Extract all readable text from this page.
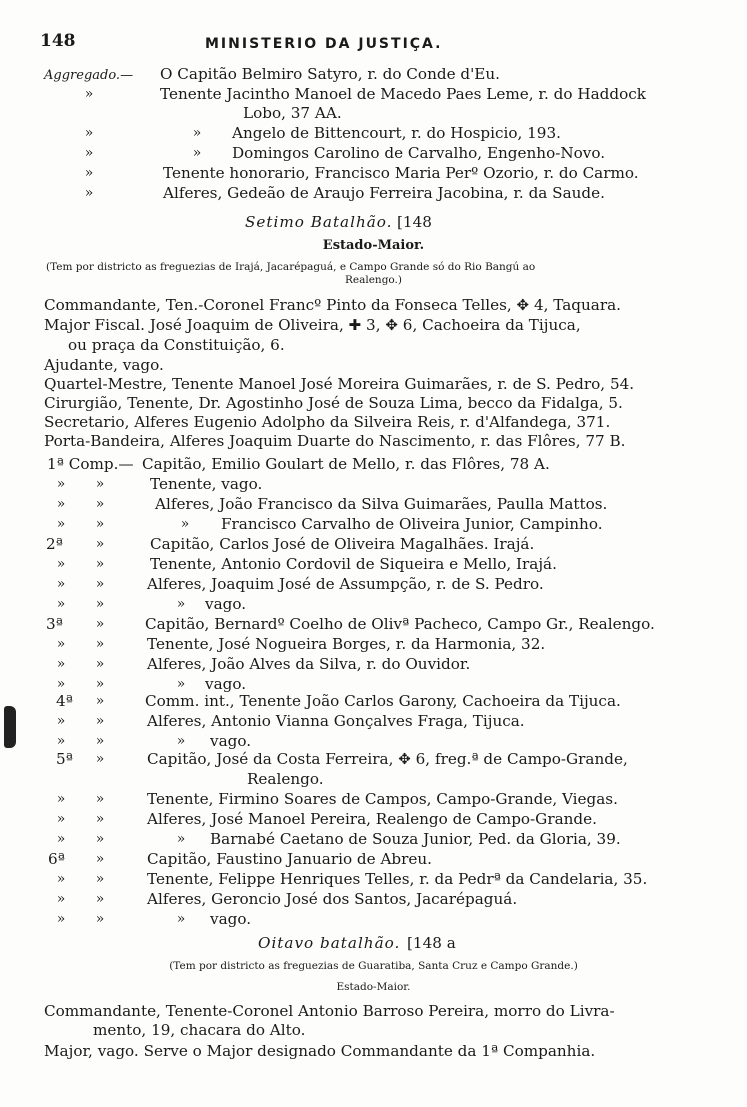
148	MINISTERIO DA JUSTIÇA.
Aggregado.— O Capitão Belmiro Satyro, r. do Conde d'Eu.
»	Tenente Jacintho Manoel de Macedo Paes Leme, r. do Haddock
Lobo, 37 AA.
»	»	Angelo de Bittencourt, r. do Hospicio, 193.
»	»	Domingos Carolino de Carvalho, Engenho-Novo.
»	Tenente honorario, Francisco Maria Perº Ozorio, r. do Carmo.
»	Alferes, Gedeão de Araujo Ferreira Jacobina, r. da Saude.
Setimo Batalhão. [148
Estado-Maior.
(Tem por districto as freguezias de Irajá, Jacarépaguá, e Campo Grande só do Rio Bangú ao
Realengo.)
Commandante, Ten.-Coronel Francº Pinto da Fonseca Telles, ✥ 4, Taquara.
Major Fiscal. José Joaquim de Oliveira, ✚ 3, ✥ 6, Cachoeira da Tijuca,
ou praça da Constituição, 6.
Ajudante, vago.
Quartel-Mestre, Tenente Manoel José Moreira Guimarães, r. de S. Pedro, 54.
Cirurgião, Tenente, Dr. Agostinho José de Souza Lima, becco da Fidalga, 5.
Secretario, Alferes Eugenio Adolpho da Silveira Reis, r. d'Alfandega, 371.
Porta-Bandeira, Alferes Joaquim Duarte do Nascimento, r. das Flôres, 77 B.
1ª Comp.— Capitão, Emilio Goulart de Mello, r. das Flôres, 78 A.
»	»	Tenente, vago.
»	»	Alferes, João Francisco da Silva Guimarães, Paulla Mattos.
»	»	»	Francisco Carvalho de Oliveira Junior, Campinho.
2ª	»	Capitão, Carlos José de Oliveira Magalhães. Irajá.
»	»	Tenente, Antonio Cordovil de Siqueira e Mello, Irajá.
»	»	Alferes, Joaquim José de Assumpção, r. de S. Pedro.
»	»	»	vago.
3ª	»	Capitão, Bernardº Coelho de Olivª Pacheco, Campo Gr., Realengo.
»	»	Tenente, José Nogueira Borges, r. da Harmonia, 32.
»	»	Alferes, João Alves da Silva, r. do Ouvidor.
»	»	»	vago.
4ª	»	Comm. int., Tenente João Carlos Garony, Cachoeira da Tijuca.
»	»	Alferes, Antonio Vianna Gonçalves Fraga, Tijuca.
»	»	»	vago.
5ª	»	Capitão, José da Costa Ferreira, ✥ 6, freg.ª de Campo-Grande,
Realengo.
»	»	Tenente, Firmino Soares de Campos, Campo-Grande, Viegas.
»	»	Alferes, José Manoel Pereira, Realengo de Campo-Grande.
»	»	»	Barnabé Caetano de Souza Junior, Ped. da Gloria, 39.
6ª	»	Capitão, Faustino Januario de Abreu.
»	»	Tenente, Felippe Henriques Telles, r. da Pedrª da Candelaria, 35.
»	»	Alferes, Geroncio José dos Santos, Jacarépaguá.
»	»	»	vago.
Oitavo batalhão. [148 a
(Tem por districto as freguezias de Guaratiba, Santa Cruz e Campo Grande.)
Estado-Maior.
Commandante, Tenente-Coronel Antonio Barroso Pereira, morro do Livra-
mento, 19, chacara do Alto.
Major, vago. Serve o Major designado Commandante da 1ª Companhia.
